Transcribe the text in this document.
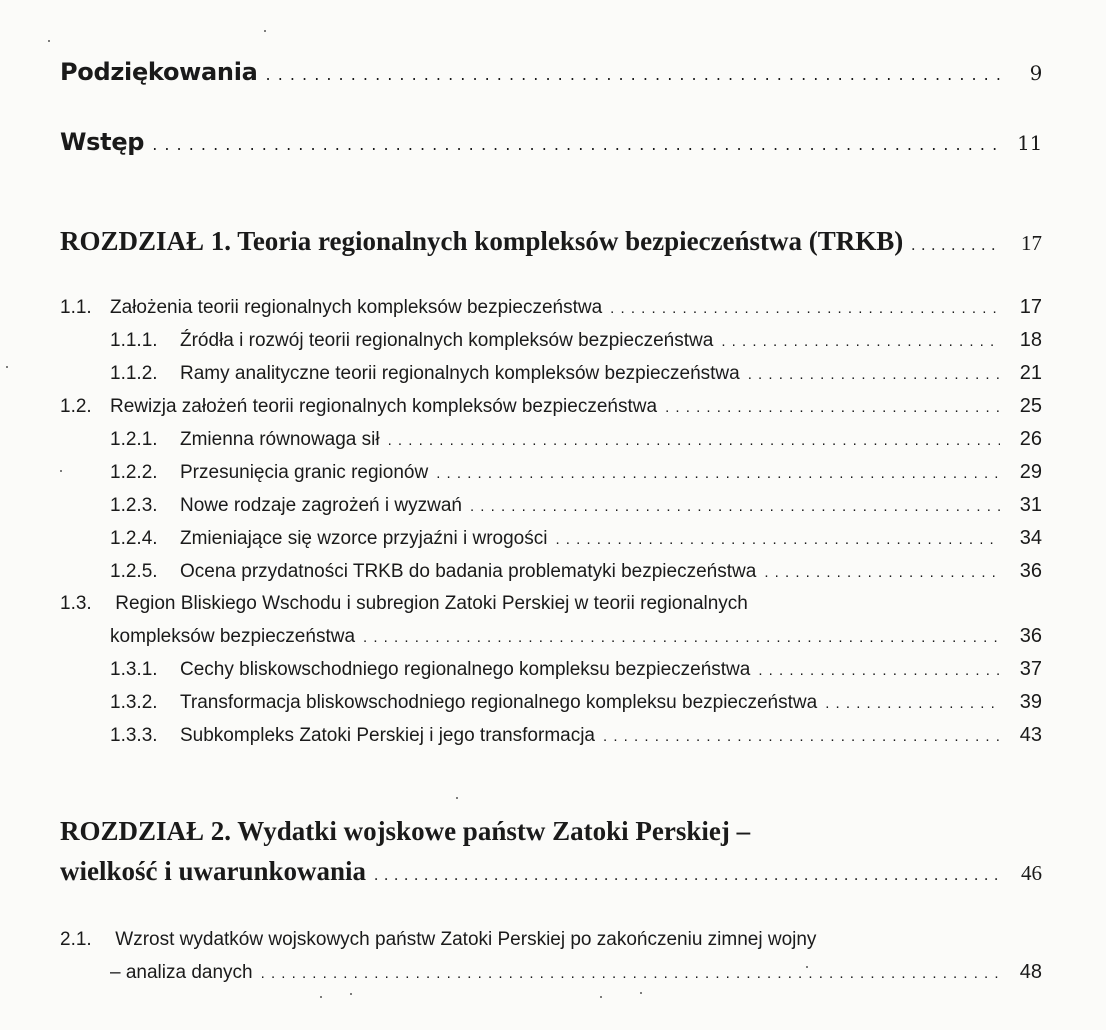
Podziękowania . . .	9
Wstęp . . .	11
ROZDZIAŁ 1. Teoria regionalnych kompleksów bezpieczeństwa (TRKB) . . .	17
1.1. Założenia teorii regionalnych kompleksów bezpieczeństwa . . .	17
1.1.1.	Źródła i rozwój teorii regionalnych kompleksów bezpieczeństwa . . .	18
1.1.2.	Ramy analityczne teorii regionalnych kompleksów bezpieczeństwa . . .	21
1.2. Rewizja założeń teorii regionalnych kompleksów bezpieczeństwa . . .	25
1.2.1.	Zmienna równowaga sił . . .	26
1.2.2.	Przesunięcia granic regionów . . .	29
1.2.3.	Nowe rodzaje zagrożeń i wyzwań . . .	31
1.2.4.	Zmieniające się wzorce przyjaźni i wrogości . . .	34
1.2.5.	Ocena przydatności TRKB do badania problematyki bezpieczeństwa . . .	36
1.3. Region Bliskiego Wschodu i subregion Zatoki Perskiej w teorii regionalnych
kompleksów bezpieczeństwa . . .	36
1.3.1.	Cechy bliskowschodniego regionalnego kompleksu bezpieczeństwa . . .	37
1.3.2.	Transformacja bliskowschodniego regionalnego kompleksu bezpieczeństwa . . .	39
1.3.3.	Subkompleks Zatoki Perskiej i jego transformacja . . .	43
ROZDZIAŁ 2. Wydatki wojskowe państw Zatoki Perskiej –
wielkość i uwarunkowania . . .	46
2.1. Wzrost wydatków wojskowych państw Zatoki Perskiej po zakończeniu zimnej wojny
– analiza danych . . .	48
